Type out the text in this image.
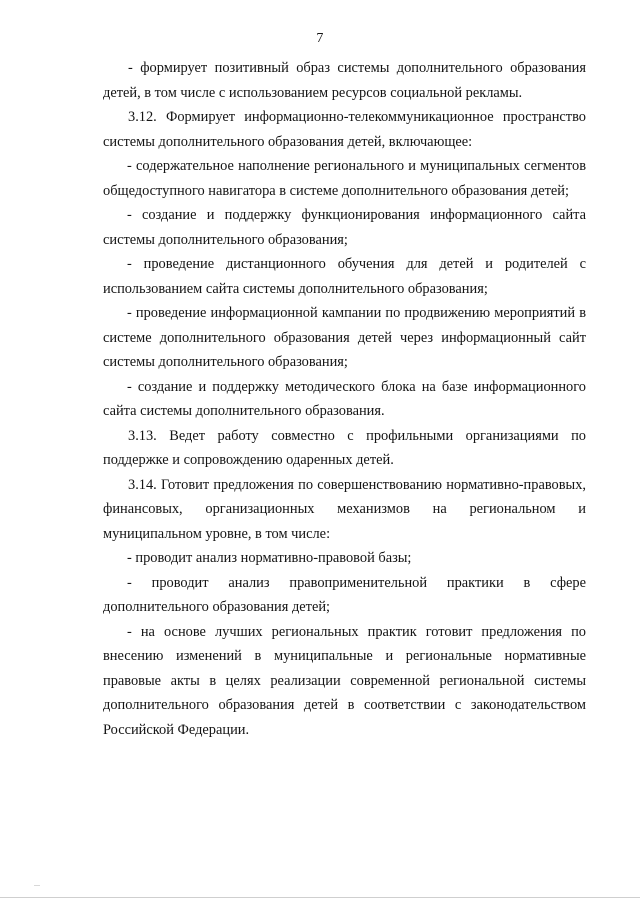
7

- формирует позитивный образ системы дополнительного образования детей, в том числе с использованием ресурсов социальной рекламы.

3.12. Формирует информационно-телекоммуникационное пространство системы дополнительного образования детей, включающее:

- содержательное наполнение регионального и муниципальных сегментов общедоступного навигатора в системе дополнительного образования детей;

- создание и поддержку функционирования информационного сайта системы дополнительного образования;

- проведение дистанционного обучения для детей и родителей с использованием сайта системы дополнительного образования;

- проведение информационной кампании по продвижению мероприятий в системе дополнительного образования детей через информационный сайт системы дополнительного образования;

- создание и поддержку методического блока на базе информационного сайта системы дополнительного образования.

3.13. Ведет работу совместно с профильными организациями по поддержке и сопровождению одаренных детей.

3.14. Готовит предложения по совершенствованию нормативно-правовых, финансовых, организационных механизмов на региональном и муниципальном уровне, в том числе:

- проводит анализ нормативно-правовой базы;

- проводит анализ правоприменительной практики в сфере дополнительного образования детей;

- на основе лучших региональных практик готовит предложения по внесению изменений в муниципальные и региональные нормативные правовые акты в целях реализации современной региональной системы дополнительного образования детей в соответствии с законодательством Российской Федерации.
